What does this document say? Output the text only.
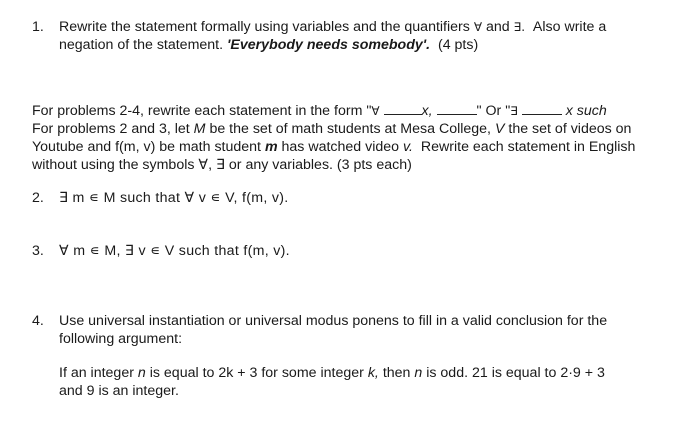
1. Rewrite the statement formally using variables and the quantifiers ∀ and ∃. Also write a
negation of the statement. 'Everybody needs somebody'. (4 pts)
For problems 2-4, rewrite each statement in the form "∀	x,	" Or "∃	x such
For problems 2 and 3, let M be the set of math students at Mesa College, V the set of videos on
Youtube and f(m, v) be math student m has watched video v. Rewrite each statement in English
without using the symbols ∀, ∃ or any variables. (3 pts each)
2. ∃ m ∊ M such that ∀ v ∊ V, f(m, v).
3. ∀ m ∊ M, ∃ v ∊ V such that f(m, v).
4. Use universal instantiation or universal modus ponens to fill in a valid conclusion for the
following argument:
If an integer n is equal to 2k + 3 for some integer k, then n is odd. 21 is equal to 2·9 + 3
and 9 is an integer.
